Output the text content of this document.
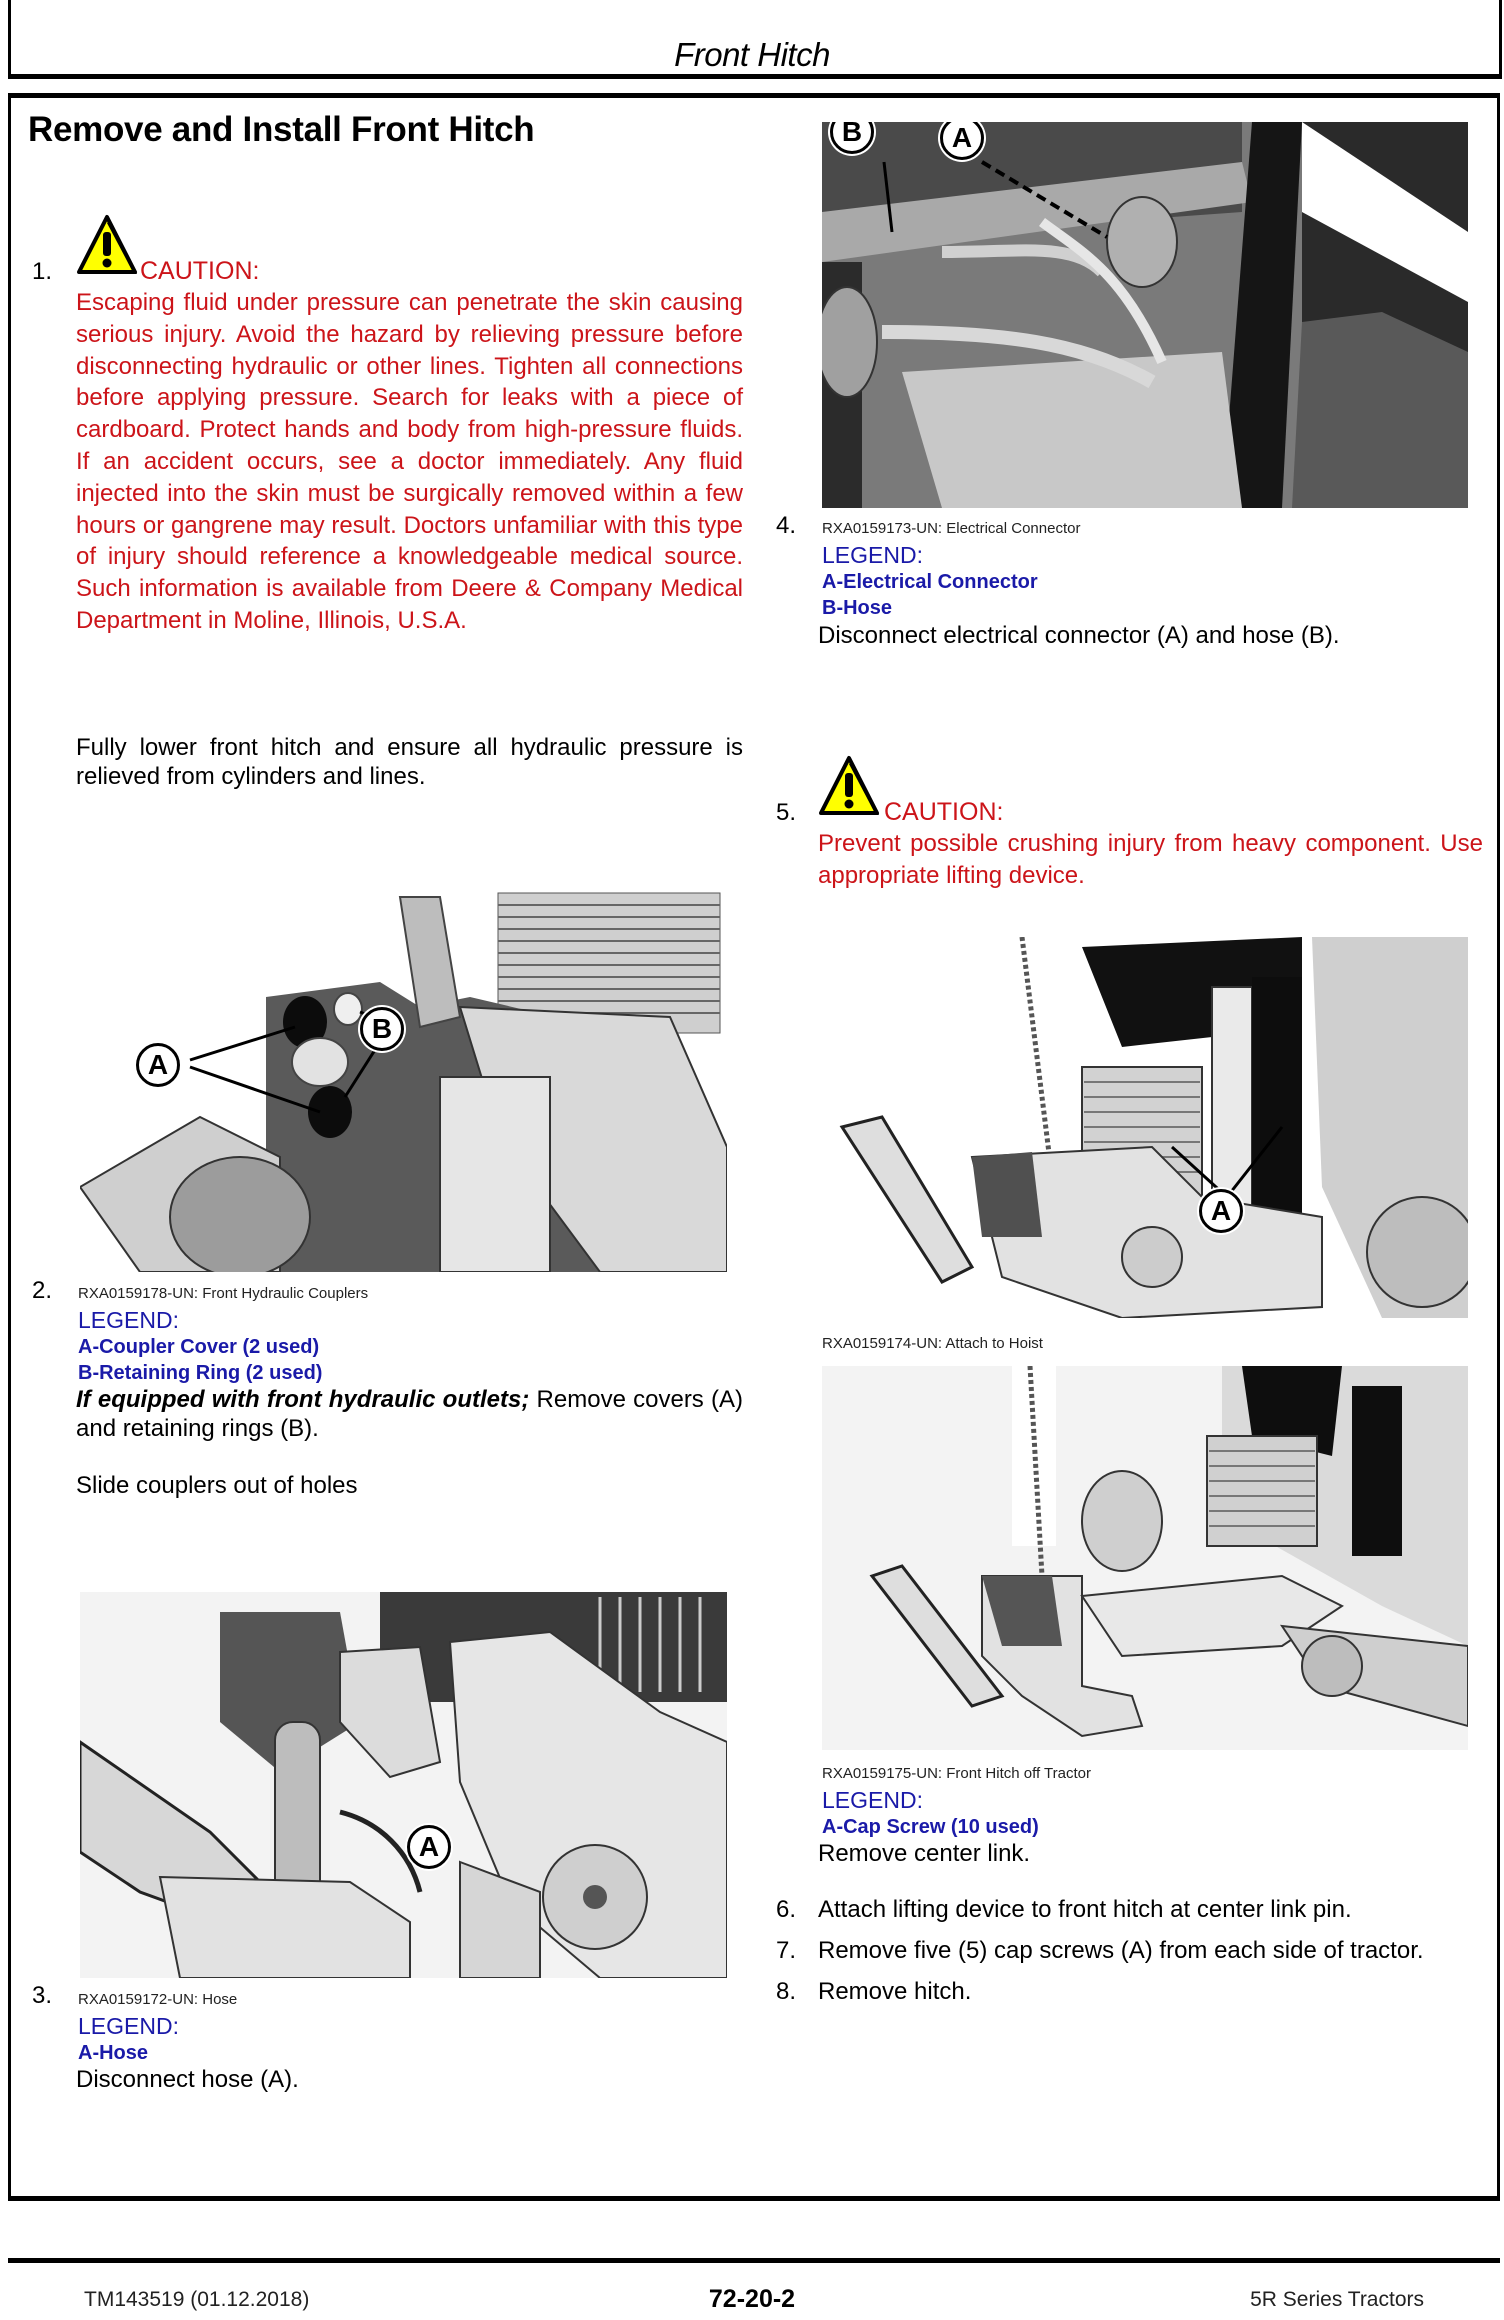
Front Hitch
Remove and Install Front Hitch
1.	CAUTION:
Escaping fluid under pressure can penetrate the skin causing serious injury. Avoid the hazard by relieving pressure before disconnecting hydraulic or other lines. Tighten all connections before applying pressure. Search for leaks with a piece of cardboard. Protect hands and body from high-pressure fluids. If an accident occurs, see a doctor immediately. Any fluid injected into the skin must be surgically removed within a few hours or gangrene may result. Doctors unfamiliar with this type of injury should reference a knowledgeable medical source. Such information is available from Deere & Company Medical Department in Moline, Illinois, U.S.A.
Fully lower front hitch and ensure all hydraulic pressure is relieved from cylinders and lines.
A
B
2. RXA0159178-UN: Front Hydraulic Couplers
LEGEND:
A-Coupler Cover (2 used)
B-Retaining Ring (2 used)
If equipped with front hydraulic outlets; Remove covers (A) and retaining rings (B).
Slide couplers out of holes
A
3. RXA0159172-UN: Hose
LEGEND:
A-Hose
Disconnect hose (A).
B	A
4. RXA0159173-UN: Electrical Connector
LEGEND:
A-Electrical Connector
B-Hose
Disconnect electrical connector (A) and hose (B).
5.	CAUTION:
Prevent possible crushing injury from heavy component. Use appropriate lifting device.
A
RXA0159174-UN: Attach to Hoist
RXA0159175-UN: Front Hitch off Tractor
LEGEND:
A-Cap Screw (10 used)
Remove center link.
6. Attach lifting device to front hitch at center link pin.
7. Remove five (5) cap screws (A) from each side of tractor.
8. Remove hitch.
TM143519 (01.12.2018)	72-20-2	5R Series Tractors
